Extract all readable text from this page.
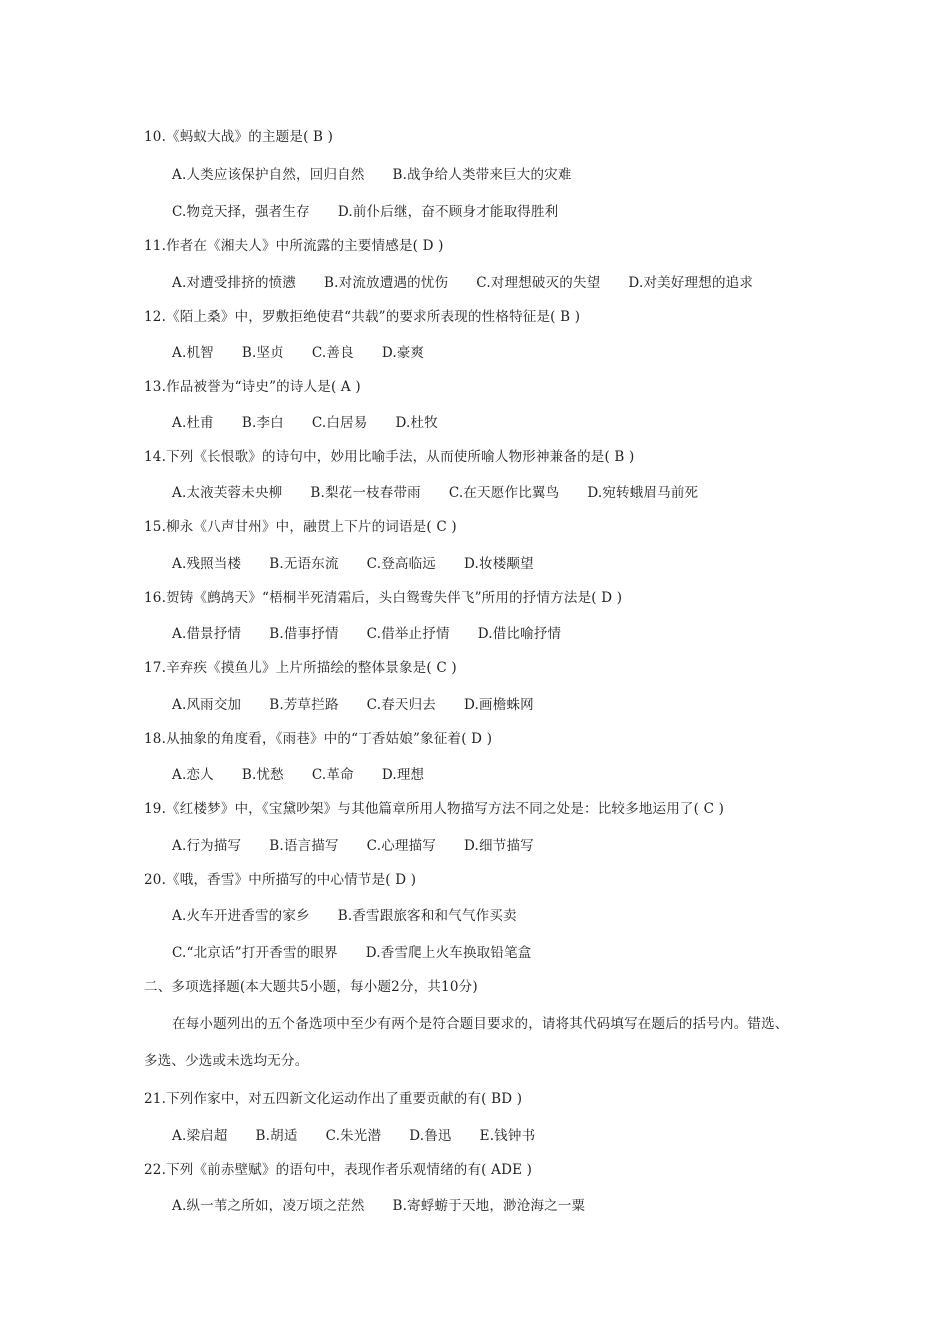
10.《蚂蚁大战》的主题是( B )
A.人类应该保护自然，回归自然 B.战争给人类带来巨大的灾难
C.物竞天择，强者生存 D.前仆后继，奋不顾身才能取得胜利
11.作者在《湘夫人》中所流露的主要情感是( D )
A.对遭受排挤的愤懑 B.对流放遭遇的忧伤 C.对理想破灭的失望 D.对美好理想的追求
12.《陌上桑》中，罗敷拒绝使君“共载”的要求所表现的性格特征是( B )
A.机智 B.坚贞 C.善良 D.豪爽
13.作品被誉为“诗史”的诗人是( A )
A.杜甫 B.李白 C.白居易 D.杜牧
14.下列《长恨歌》的诗句中，妙用比喻手法，从而使所喻人物形神兼备的是( B )
A.太液芙蓉未央柳 B.梨花一枝春带雨 C.在天愿作比翼鸟 D.宛转蛾眉马前死
15.柳永《八声甘州》中，融贯上下片的词语是( C )
A.残照当楼 B.无语东流 C.登高临远 D.妆楼颙望
16.贺铸《鹧鸪天》“梧桐半死清霜后，头白鸳鸯失伴飞”所用的抒情方法是( D )
A.借景抒情 B.借事抒情 C.借举止抒情 D.借比喻抒情
17.辛弃疾《摸鱼儿》上片所描绘的整体景象是( C )
A.风雨交加 B.芳草拦路 C.春天归去 D.画檐蛛网
18.从抽象的角度看，《雨巷》中的“丁香姑娘”象征着( D )
A.恋人 B.忧愁 C.革命 D.理想
19.《红楼梦》中，《宝黛吵架》与其他篇章所用人物描写方法不同之处是：比较多地运用了( C )
A.行为描写 B.语言描写 C.心理描写 D.细节描写
20.《哦，香雪》中所描写的中心情节是( D )
A.火车开进香雪的家乡 B.香雪跟旅客和和气气作买卖
C.“北京话”打开香雪的眼界 D.香雪爬上火车换取铅笔盒
二、多项选择题(本大题共5小题，每小题2分，共10分)
在每小题列出的五个备选项中至少有两个是符合题目要求的，请将其代码填写在题后的括号内。错选、
多选、少选或未选均无分。
21.下列作家中，对五四新文化运动作出了重要贡献的有( BD )
A.梁启超 B.胡适 C.朱光潜 D.鲁迅 E.钱钟书
22.下列《前赤壁赋》的语句中，表现作者乐观情绪的有( ADE )
A.纵一苇之所如，凌万顷之茫然 B.寄蜉蝣于天地，渺沧海之一粟
